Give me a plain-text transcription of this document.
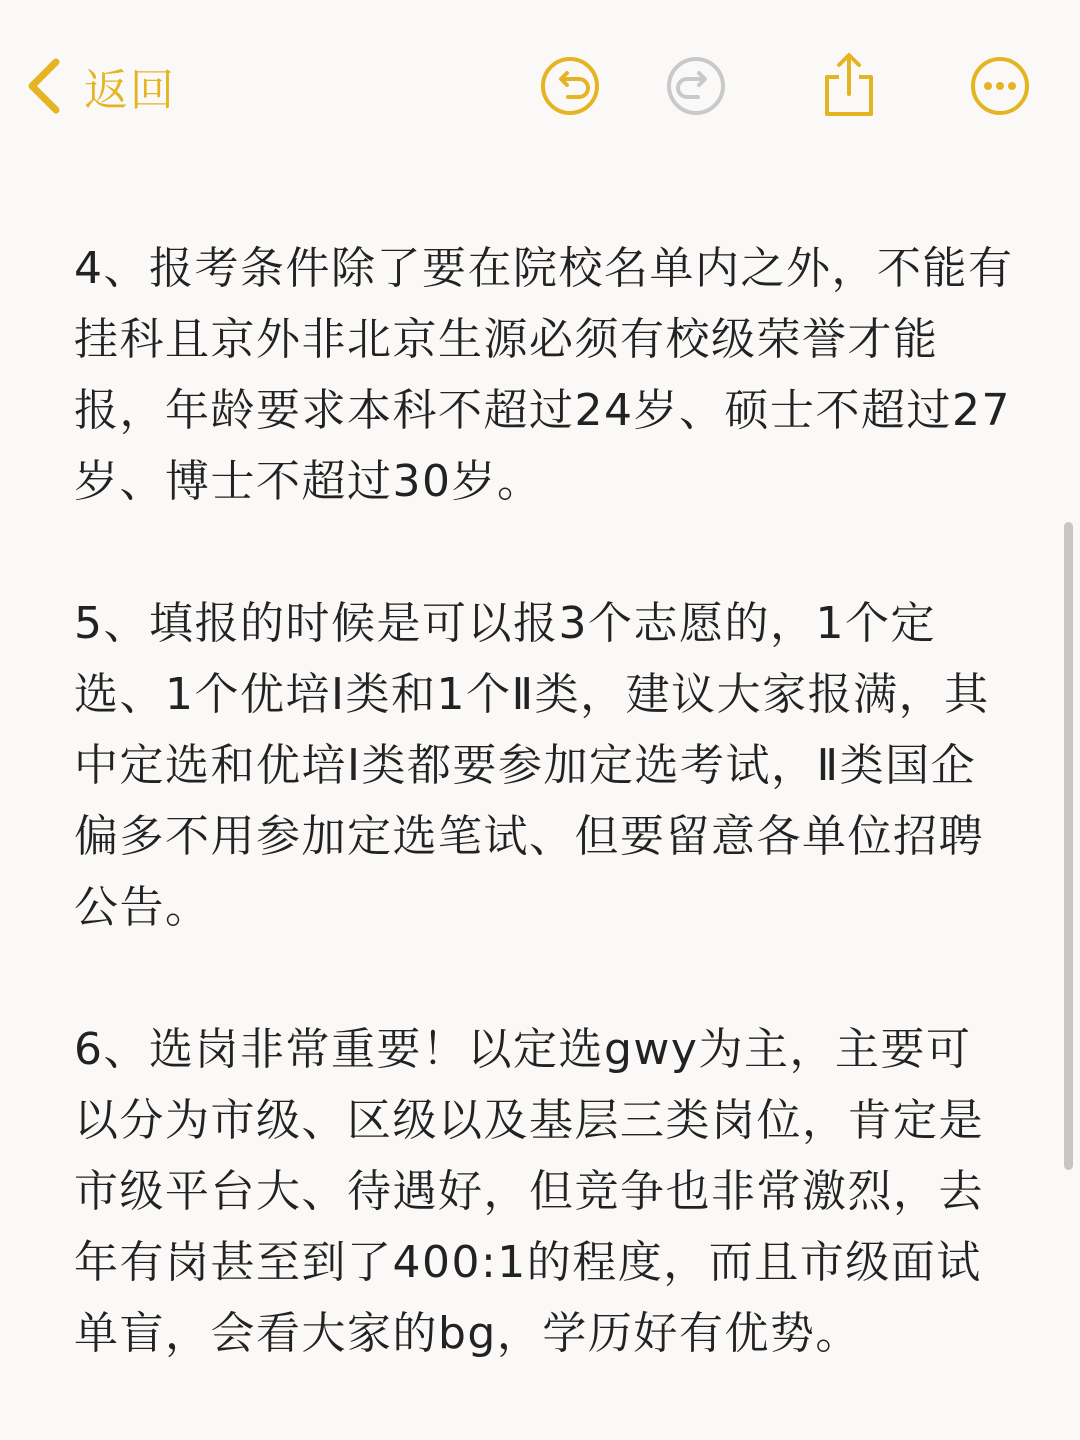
返回

4、报考条件除了要在院校名单内之外，不能有挂科且京外非北京生源必须有校级荣誉才能报，年龄要求本科不超过24岁、硕士不超过27岁、博士不超过30岁。

5、填报的时候是可以报3个志愿的，1个定选、1个优培Ⅰ类和1个Ⅱ类，建议大家报满，其中定选和优培Ⅰ类都要参加定选考试，Ⅱ类国企偏多不用参加定选笔试、但要留意各单位招聘公告。

6、选岗非常重要！以定选gwy为主，主要可以分为市级、区级以及基层三类岗位，肯定是市级平台大、待遇好，但竞争也非常激烈，去年有岗甚至到了400:1的程度，而且市级面试单盲，会看大家的bg，学历好有优势。
